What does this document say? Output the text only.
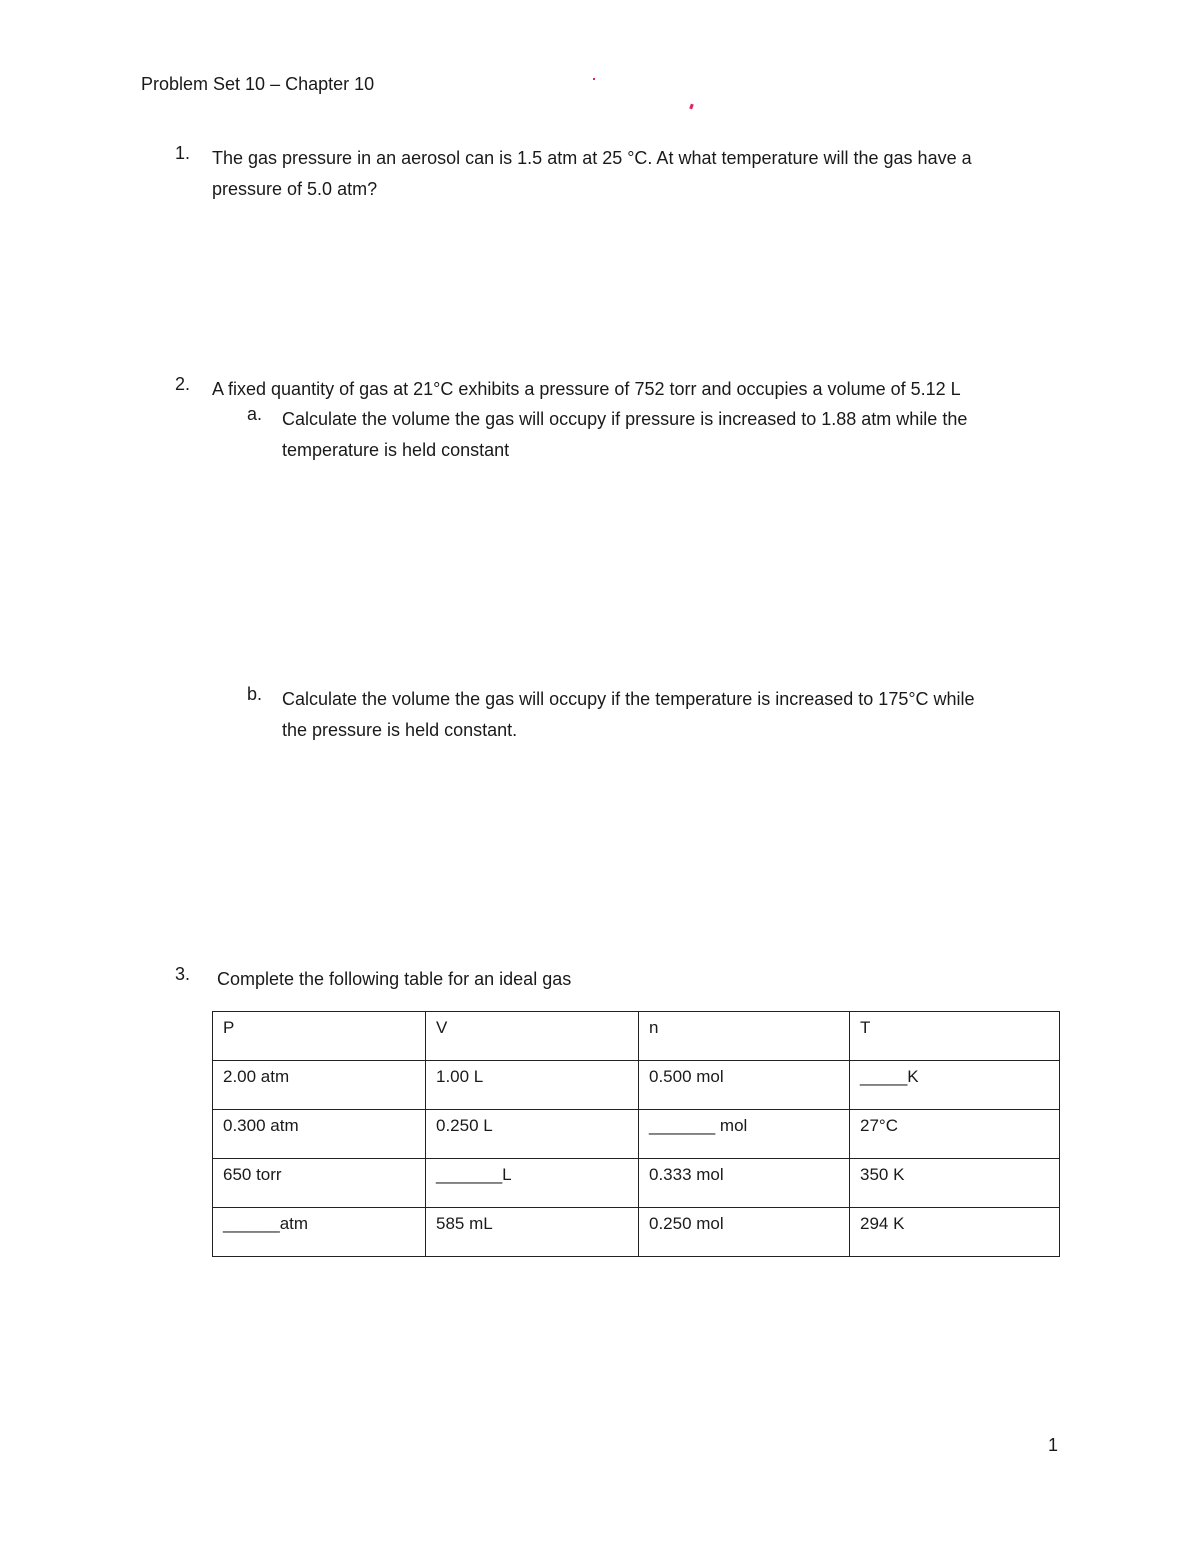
Problem Set 10 – Chapter 10
1. The gas pressure in an aerosol can is 1.5 atm at 25 °C. At what temperature will the gas have a
pressure of 5.0 atm?
2. A fixed quantity of gas at 21°C exhibits a pressure of 752 torr and occupies a volume of 5.12 L
a. Calculate the volume the gas will occupy if pressure is increased to 1.88 atm while the
temperature is held constant
b. Calculate the volume the gas will occupy if the temperature is increased to 175°C while
the pressure is held constant.
3. Complete the following table for an ideal gas
P	V	n	T
2.00 atm	1.00 L	0.500 mol	_____K
0.300 atm	0.250 L	_______ mol	27°C
650 torr	_______L	0.333 mol	350 K
______atm	585 mL	0.250 mol	294 K
1
